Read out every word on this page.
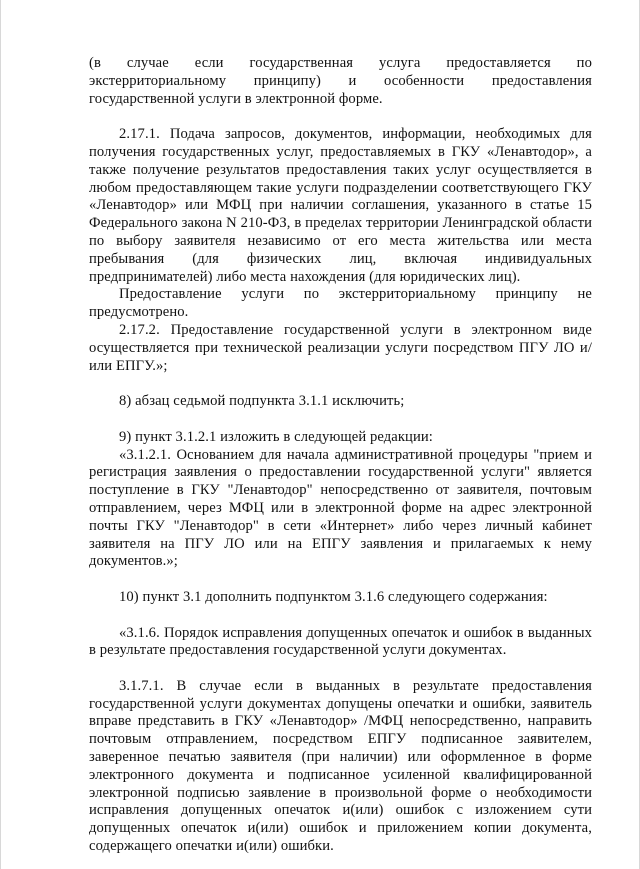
(в случае если государственная услуга предоставляется по экстерриториальному принципу) и особенности предоставления государственной услуги в электронной форме.

2.17.1. Подача запросов, документов, информации, необходимых для получения государственных услуг, предоставляемых в ГКУ «Ленавтодор», а также получение результатов предоставления таких услуг осуществляется в любом предоставляющем такие услуги подразделении соответствующего ГКУ «Ленавтодор» или МФЦ при наличии соглашения, указанного в статье 15 Федерального закона N 210-ФЗ, в пределах территории Ленинградской области по выбору заявителя независимо от его места жительства или места пребывания (для физических лиц, включая индивидуальных предпринимателей) либо места нахождения (для юридических лиц).

Предоставление услуги по экстерриториальному принципу не предусмотрено.

2.17.2. Предоставление государственной услуги в электронном виде осуществляется при технической реализации услуги посредством ПГУ ЛО и/или ЕПГУ.»;

8) абзац седьмой подпункта 3.1.1 исключить;

9) пункт 3.1.2.1 изложить в следующей редакции:

«3.1.2.1. Основанием для начала административной процедуры "прием и регистрация заявления о предоставлении государственной услуги" является поступление в ГКУ "Ленавтодор" непосредственно от заявителя, почтовым отправлением, через МФЦ или в электронной форме на адрес электронной почты ГКУ "Ленавтодор" в сети «Интернет» либо через личный кабинет заявителя на ПГУ ЛО или на ЕПГУ заявления и прилагаемых к нему документов.»;

10) пункт 3.1 дополнить подпунктом 3.1.6 следующего содержания:

«3.1.6. Порядок исправления допущенных опечаток и ошибок в выданных в результате предоставления государственной услуги документах.

3.1.7.1. В случае если в выданных в результате предоставления государственной услуги документах допущены опечатки и ошибки, заявитель вправе представить в ГКУ «Ленавтодор» /МФЦ непосредственно, направить почтовым отправлением, посредством ЕПГУ подписанное заявителем, заверенное печатью заявителя (при наличии) или оформленное в форме электронного документа и подписанное усиленной квалифицированной электронной подписью заявление в произвольной форме о необходимости исправления допущенных опечаток и(или) ошибок с изложением сути допущенных опечаток и(или) ошибок и приложением копии документа, содержащего опечатки и(или) ошибки.
